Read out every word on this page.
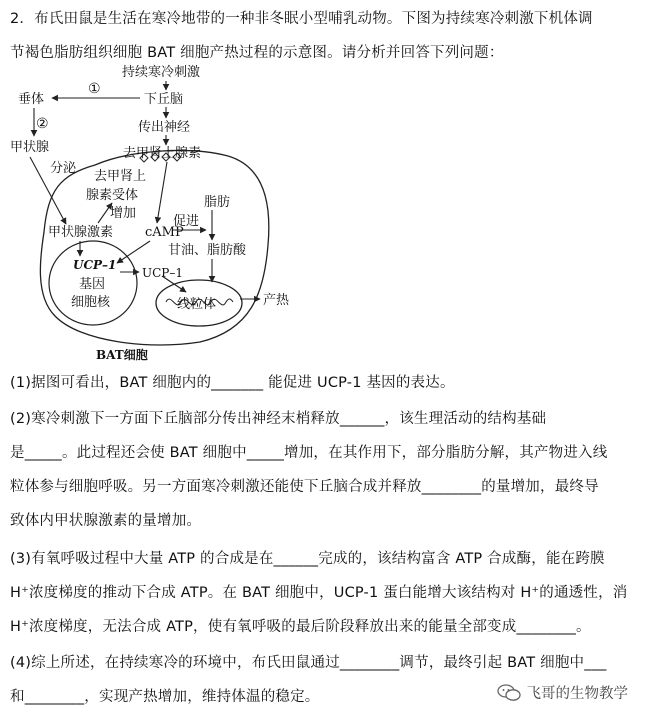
2．布氏田鼠是生活在寒冷地带的一种非冬眠小型哺乳动物。下图为持续寒冷刺激下机体调
节褐色脂肪组织细胞 BAT 细胞产热过程的示意图。请分析并回答下列问题：
持续寒冷刺激
下丘脑
垂体
①
②
甲状腺
传出神经
去甲肾上腺素
分泌
去甲肾上
腺素受体
增加
甲状腺激素 cAMP
促进
脂肪
甘油、脂肪酸
UCP–1
基因
细胞核
UCP–1
线粒体	产热
BAT细胞
(1)据图可看出，BAT 细胞内的_______ 能促进 UCP-1 基因的表达。
(2)寒冷刺激下一方面下丘脑部分传出神经末梢释放______，该生理活动的结构基础
是_____。此过程还会使 BAT 细胞中_____增加，在其作用下，部分脂肪分解，其产物进入线
粒体参与细胞呼吸。另一方面寒冷刺激还能使下丘脑合成并释放________的量增加，最终导
致体内甲状腺激素的量增加。
(3)有氧呼吸过程中大量 ATP 的合成是在______完成的，该结构富含 ATP 合成酶，能在跨膜
H⁺浓度梯度的推动下合成 ATP。在 BAT 细胞中，UCP-1 蛋白能增大该结构对 H⁺的通透性，消
H⁺浓度梯度，无法合成 ATP，使有氧呼吸的最后阶段释放出来的能量全部变成________。
(4)综上所述，在持续寒冷的环境中，布氏田鼠通过________调节，最终引起 BAT 细胞中___
和________，实现产热增加，维持体温的稳定。	飞哥的生物教学
